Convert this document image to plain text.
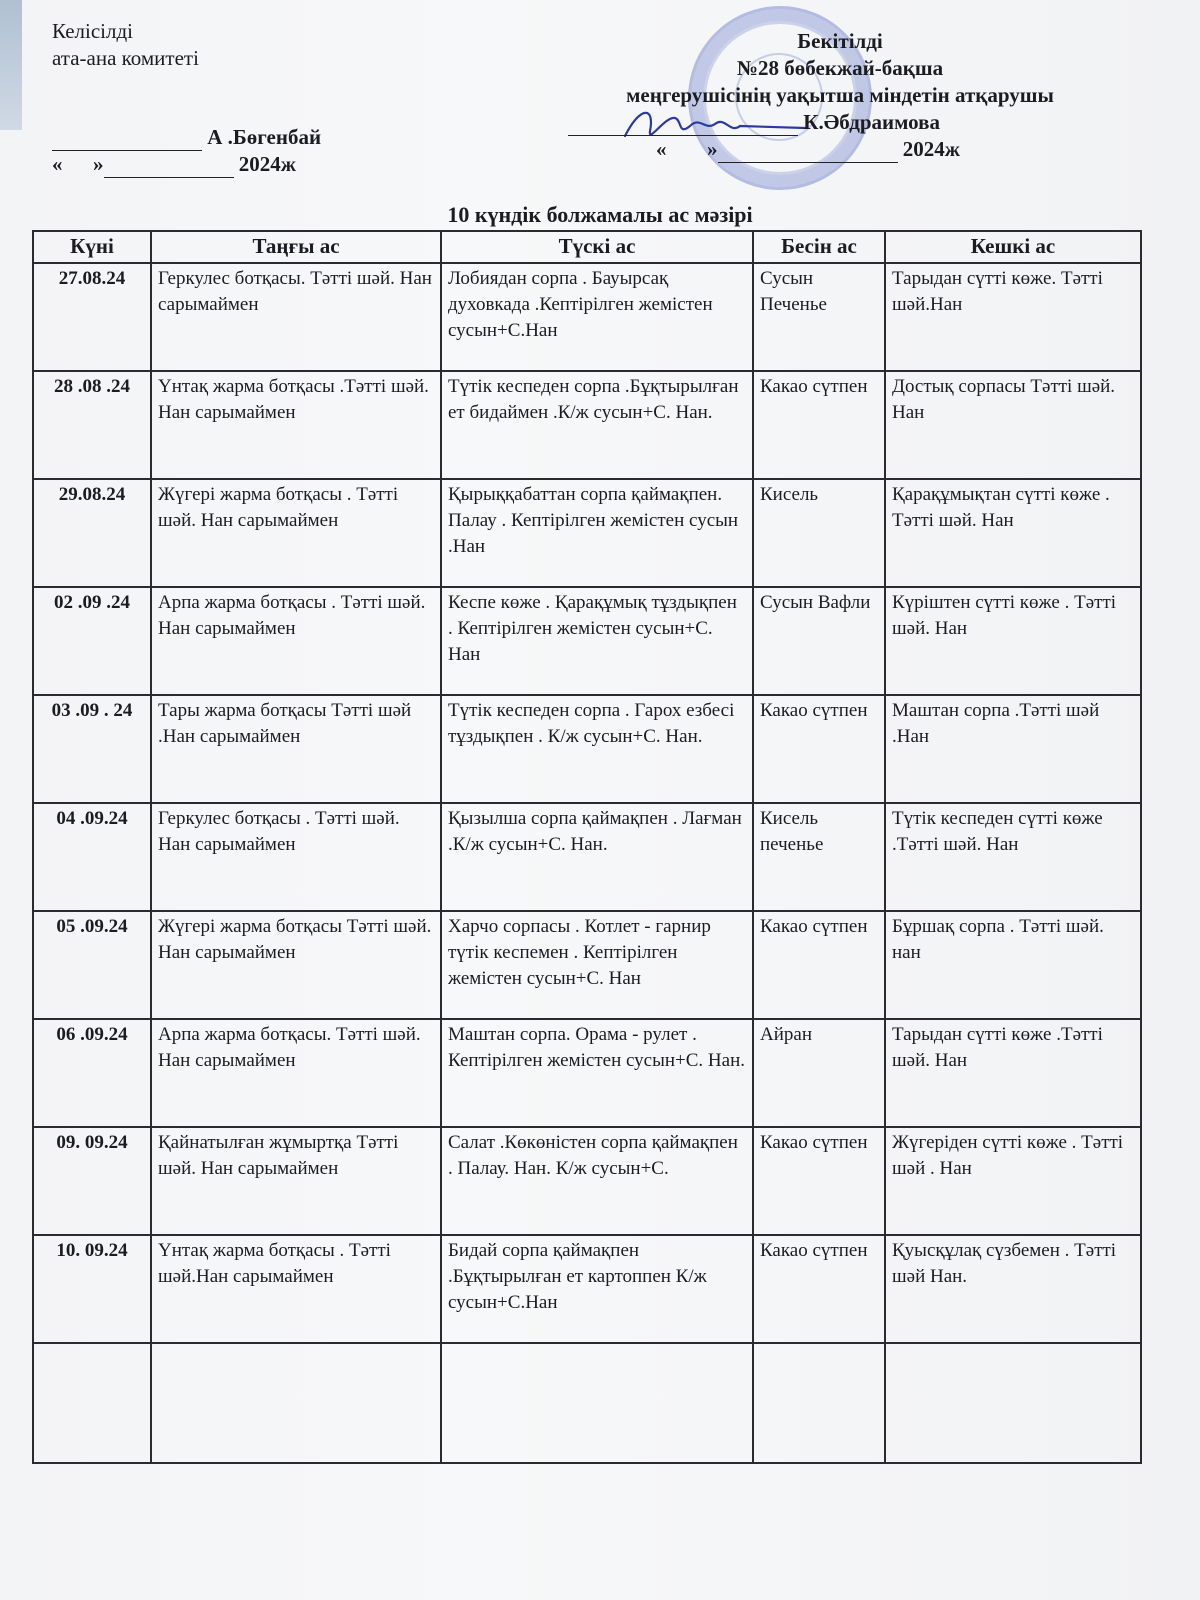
Келісілді
ата-ана комитеті
А .Бөгенбай
« »	2024ж
Бекітілді
№28 бөбекжай-бақша
меңгерушісінің уақытша міндетін атқарушы
К.Әбдраимова
« »	2024ж
10 күндік болжамалы ас мәзірі
Күні	Таңғы ас	Түскі ас	Бесін ас	Кешкі ас
27.08.24	Геркулес ботқасы. Тәтті шәй. Нан сарымаймен	Лобиядан сорпа . Бауырсақ духовкада .Кептірілген жемістен сусын+С.Нан	Сусын Печенье	Тарыдан сүтті көже. Тәтті шәй.Нан
28 .08 .24	Үнтақ жарма ботқасы .Тәтті шәй. Нан сарымаймен	Түтік кеспеден сорпа .Бұқтырылған ет бидаймен .К/ж сусын+С. Нан.	Какао сүтпен	Достық сорпасы Тәтті шәй. Нан
29.08.24	Жүгері жарма ботқасы . Тәтті шәй. Нан сарымаймен	Қырыққабаттан сорпа қаймақпен. Палау . Кептірілген жемістен сусын .Нан	Кисель	Қарақұмықтан сүтті көже . Тәтті шәй. Нан
02 .09 .24	Арпа жарма ботқасы . Тәтті шәй. Нан сарымаймен	Кеспе көже . Қарақұмық тұздықпен . Кептірілген жемістен сусын+С. Нан	Сусын Вафли	Күріштен сүтті көже . Тәтті шәй. Нан
03 .09 . 24	Тары жарма ботқасы Тәтті шәй .Нан сарымаймен	Түтік кеспеден сорпа . Гарох езбесі тұздықпен . К/ж сусын+С. Нан.	Какао сүтпен	Маштан сорпа .Тәтті шәй .Нан
04 .09.24	Геркулес ботқасы . Тәтті шәй. Нан сарымаймен	Қызылша сорпа қаймақпен . Лағман .К/ж сусын+С. Нан.	Кисель печенье	Түтік кеспеден сүтті көже .Тәтті шәй. Нан
05 .09.24	Жүгері жарма ботқасы Тәтті шәй. Нан сарымаймен	Харчо сорпасы . Котлет - гарнир түтік кеспемен . Кептірілген жемістен сусын+С. Нан	Какао сүтпен	Бұршақ сорпа . Тәтті шәй. нан
06 .09.24	Арпа жарма ботқасы. Тәтті шәй. Нан сарымаймен	Маштан сорпа. Орама - рулет . Кептірілген жемістен сусын+С. Нан.	Айран	Тарыдан сүтті көже .Тәтті шәй. Нан
09. 09.24	Қайнатылған жұмыртқа Тәтті шәй. Нан сарымаймен	Салат .Көкөністен сорпа қаймақпен . Палау. Нан. К/ж сусын+С.	Какао сүтпен	Жүгеріден сүтті көже . Тәтті шәй . Нан
10. 09.24	Үнтақ жарма ботқасы . Тәтті шәй.Нан сарымаймен	Бидай сорпа қаймақпен .Бұқтырылған ет картоппен К/ж сусын+С.Нан	Какао сүтпен	Қуысқұлақ сүзбемен . Тәтті шәй Нан.
